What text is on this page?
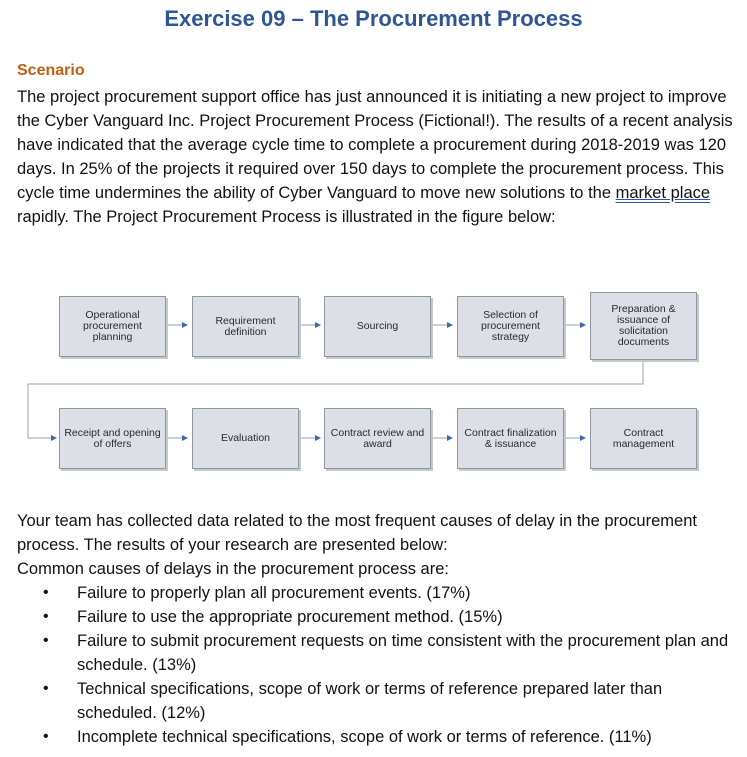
Exercise 09 – The Procurement Process
Scenario

The project procurement support office has just announced it is initiating a new project to improve the Cyber Vanguard Inc. Project Procurement Process (Fictional!). The results of a recent analysis have indicated that the average cycle time to complete a procurement during 2018-2019 was 120 days. In 25% of the projects it required over 150 days to complete the procurement process. This cycle time undermines the ability of Cyber Vanguard to move new solutions to the market place rapidly. The Project Procurement Process is illustrated in the figure below:

Operational procurement planning
Requirement definition	Sourcing
Selection of procurement strategy
Preparation & issuance of solicitation documents
Receipt and opening of offers	Evaluation	Contract review and award
Contract finalization & issuance
Contract management

Your team has collected data related to the most frequent causes of delay in the procurement process. The results of your research are presented below:
Common causes of delays in the procurement process are:

• Failure to properly plan all procurement events. (17%)
• Failure to use the appropriate procurement method. (15%)
• Failure to submit procurement requests on time consistent with the procurement plan and schedule. (13%)
• Technical specifications, scope of work or terms of reference prepared later than scheduled. (12%)
• Incomplete technical specifications, scope of work or terms of reference. (11%)
